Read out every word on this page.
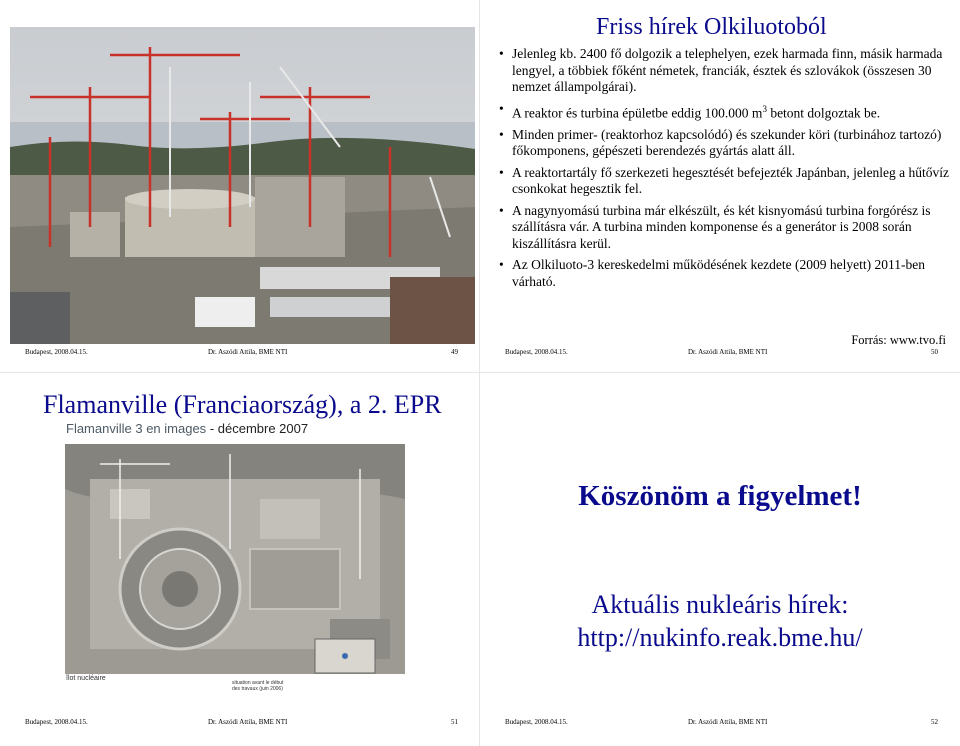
Budapest, 2008.04.15.	Dr. Aszódi Attila, BME NTI	49
Friss hírek Olkiluotoból
• Jelenleg kb. 2400 fő dolgozik a telephelyen, ezek harmada finn, másik harmada lengyel, a többiek főként németek, franciák, észtek és szlovákok (összesen 30 nemzet állampolgárai).
• A reaktor és turbina épületbe eddig 100.000 $m^3$ betont dolgoztak be.
• Minden primer- (reaktorhoz kapcsolódó) és szekunder köri (turbinához tartozó) főkomponens, gépészeti berendezés gyártás alatt áll.
• A reaktortartály fő szerkezeti hegesztését befejezték Japánban, jelenleg a hűtővíz csonkokat hegesztik fel.
• A nagynyomású turbina már elkészült, és két kisnyomású turbina forgórész is szállításra vár. A turbina minden komponense és a generátor is 2008 során kiszállításra kerül.
• Az Olkiluoto-3 kereskedelmi működésének kezdete (2009 helyett) 2011-ben várható.
Forrás: www.tvo.fi
Budapest, 2008.04.15.	Dr. Aszódi Attila, BME NTI	50
Flamanville (Franciaország), a 2. EPR
Flamanville 3 en images - décembre 2007
îlot nucléaire
situation avant le début des travaux (juin 2006)
Budapest, 2008.04.15.	Dr. Aszódi Attila, BME NTI	51
Köszönöm a figyelmet!
Aktuális nukleáris hírek:
http://nukinfo.reak.bme.hu/
Budapest, 2008.04.15.	Dr. Aszódi Attila, BME NTI	52
